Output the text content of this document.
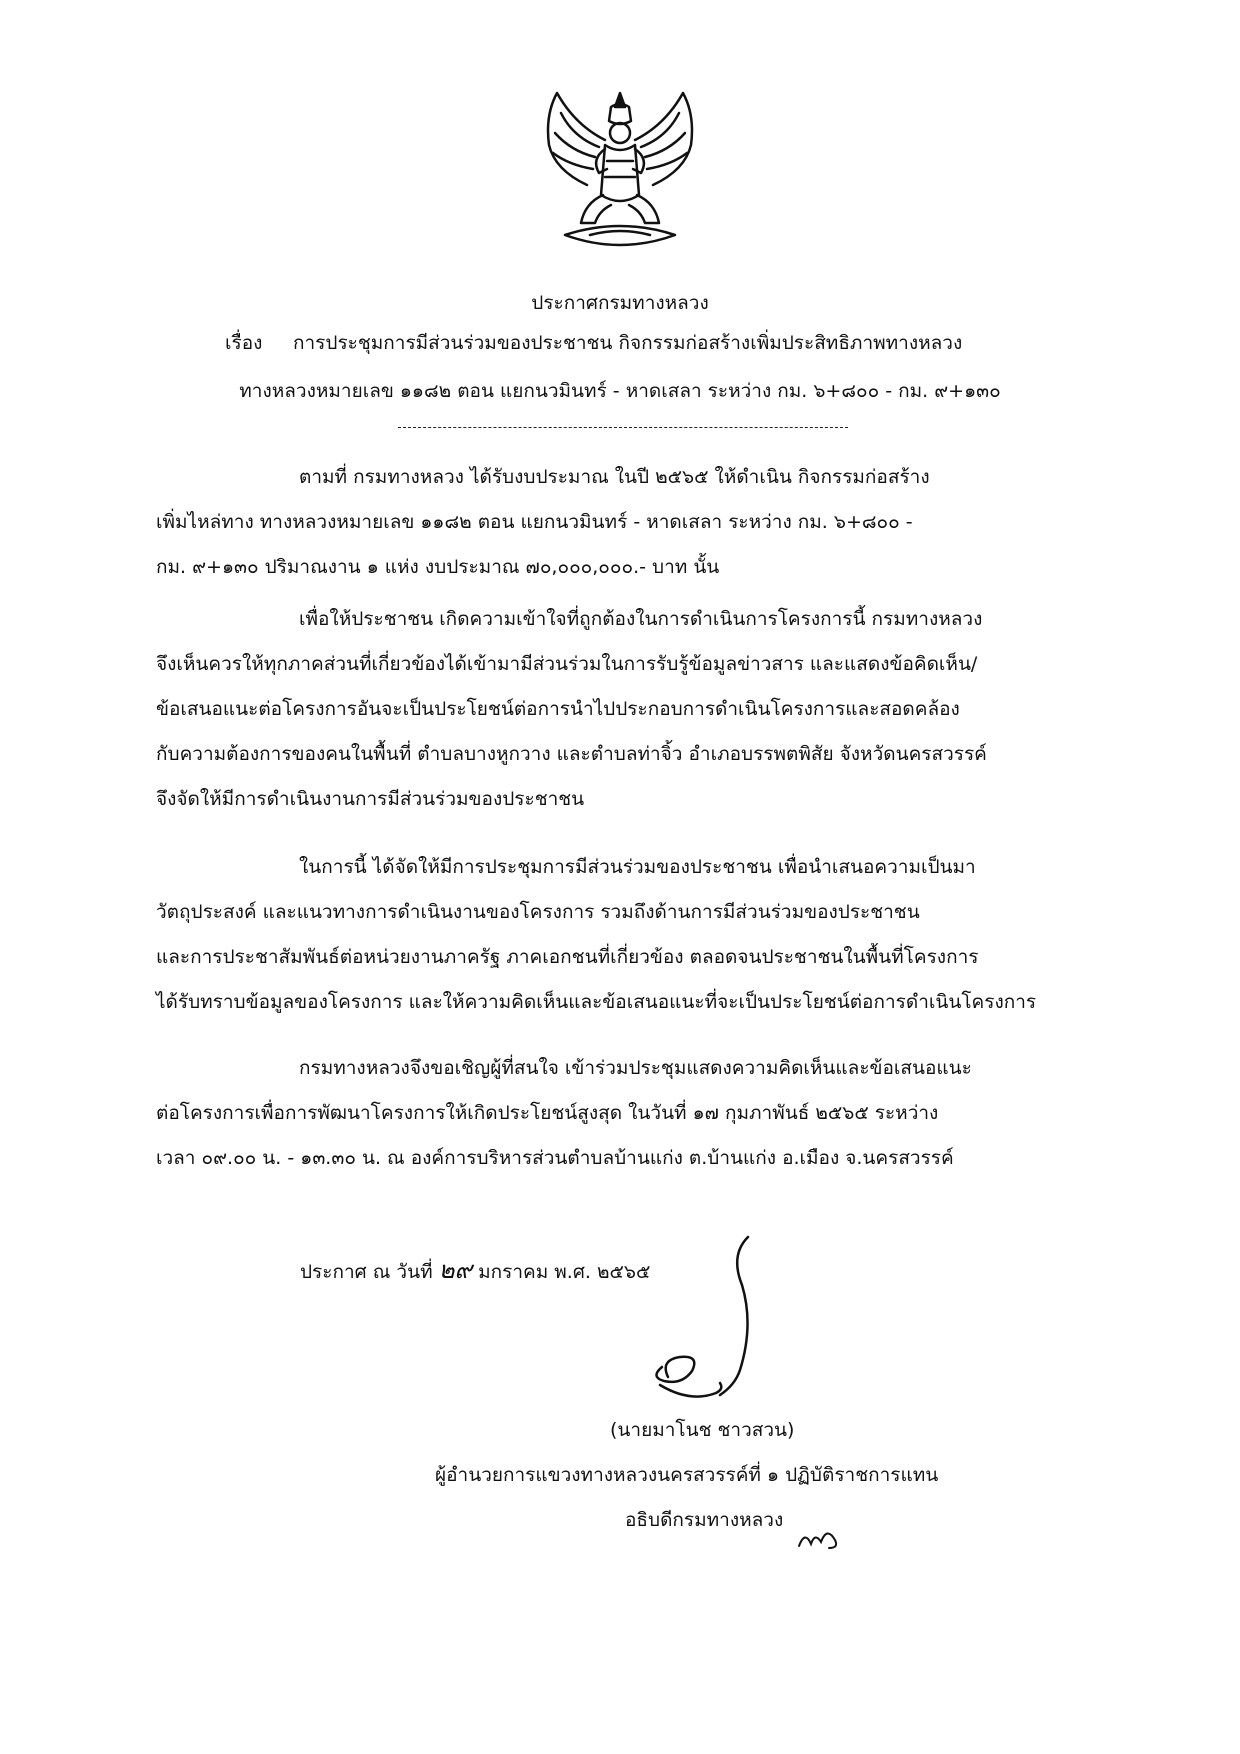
ประกาศกรมทางหลวง
เรื่อง การประชุมการมีส่วนร่วมของประชาชน กิจกรรมก่อสร้างเพิ่มประสิทธิภาพทางหลวง
ทางหลวงหมายเลข ๑๑๘๒ ตอน แยกนวมินทร์ - หาดเสลา ระหว่าง กม. ๖+๘๐๐ - กม. ๙+๑๓๐
ตามที่ กรมทางหลวง ได้รับงบประมาณ ในปี ๒๕๖๕ ให้ดำเนิน กิจกรรมก่อสร้าง
เพิ่มไหล่ทาง ทางหลวงหมายเลข ๑๑๘๒ ตอน แยกนวมินทร์ - หาดเสลา ระหว่าง กม. ๖+๘๐๐ -
กม. ๙+๑๓๐ ปริมาณงาน ๑ แห่ง งบประมาณ ๗๐,๐๐๐,๐๐๐.- บาท นั้น
เพื่อให้ประชาชน เกิดความเข้าใจที่ถูกต้องในการดำเนินการโครงการนี้ กรมทางหลวง
จึงเห็นควรให้ทุกภาคส่วนที่เกี่ยวข้องได้เข้ามามีส่วนร่วมในการรับรู้ข้อมูลข่าวสาร และแสดงข้อคิดเห็น/
ข้อเสนอแนะต่อโครงการอันจะเป็นประโยชน์ต่อการนำไปประกอบการดำเนินโครงการและสอดคล้อง
กับความต้องการของคนในพื้นที่ ตำบลบางหูกวาง และตำบลท่าจิ้ว อำเภอบรรพตพิสัย จังหวัดนครสวรรค์
จึงจัดให้มีการดำเนินงานการมีส่วนร่วมของประชาชน
ในการนี้ ได้จัดให้มีการประชุมการมีส่วนร่วมของประชาชน เพื่อนำเสนอความเป็นมา
วัตถุประสงค์ และแนวทางการดำเนินงานของโครงการ รวมถึงด้านการมีส่วนร่วมของประชาชน
และการประชาสัมพันธ์ต่อหน่วยงานภาครัฐ ภาคเอกชนที่เกี่ยวข้อง ตลอดจนประชาชนในพื้นที่โครงการ
ได้รับทราบข้อมูลของโครงการ และให้ความคิดเห็นและข้อเสนอแนะที่จะเป็นประโยชน์ต่อการดำเนินโครงการ
กรมทางหลวงจึงขอเชิญผู้ที่สนใจ เข้าร่วมประชุมแสดงความคิดเห็นและข้อเสนอแนะ
ต่อโครงการเพื่อการพัฒนาโครงการให้เกิดประโยชน์สูงสุด ในวันที่ ๑๗ กุมภาพันธ์ ๒๕๖๕ ระหว่าง
เวลา ๐๙.๐๐ น. - ๑๓.๓๐ น. ณ องค์การบริหารส่วนตำบลบ้านแก่ง ต.บ้านแก่ง อ.เมือง จ.นครสวรรค์
ประกาศ ณ วันที่ ๒๙ มกราคม พ.ศ. ๒๕๖๕
(นายมาโนช ชาวสวน)
ผู้อำนวยการแขวงทางหลวงนครสวรรค์ที่ ๑ ปฏิบัติราชการแทน
อธิบดีกรมทางหลวง
